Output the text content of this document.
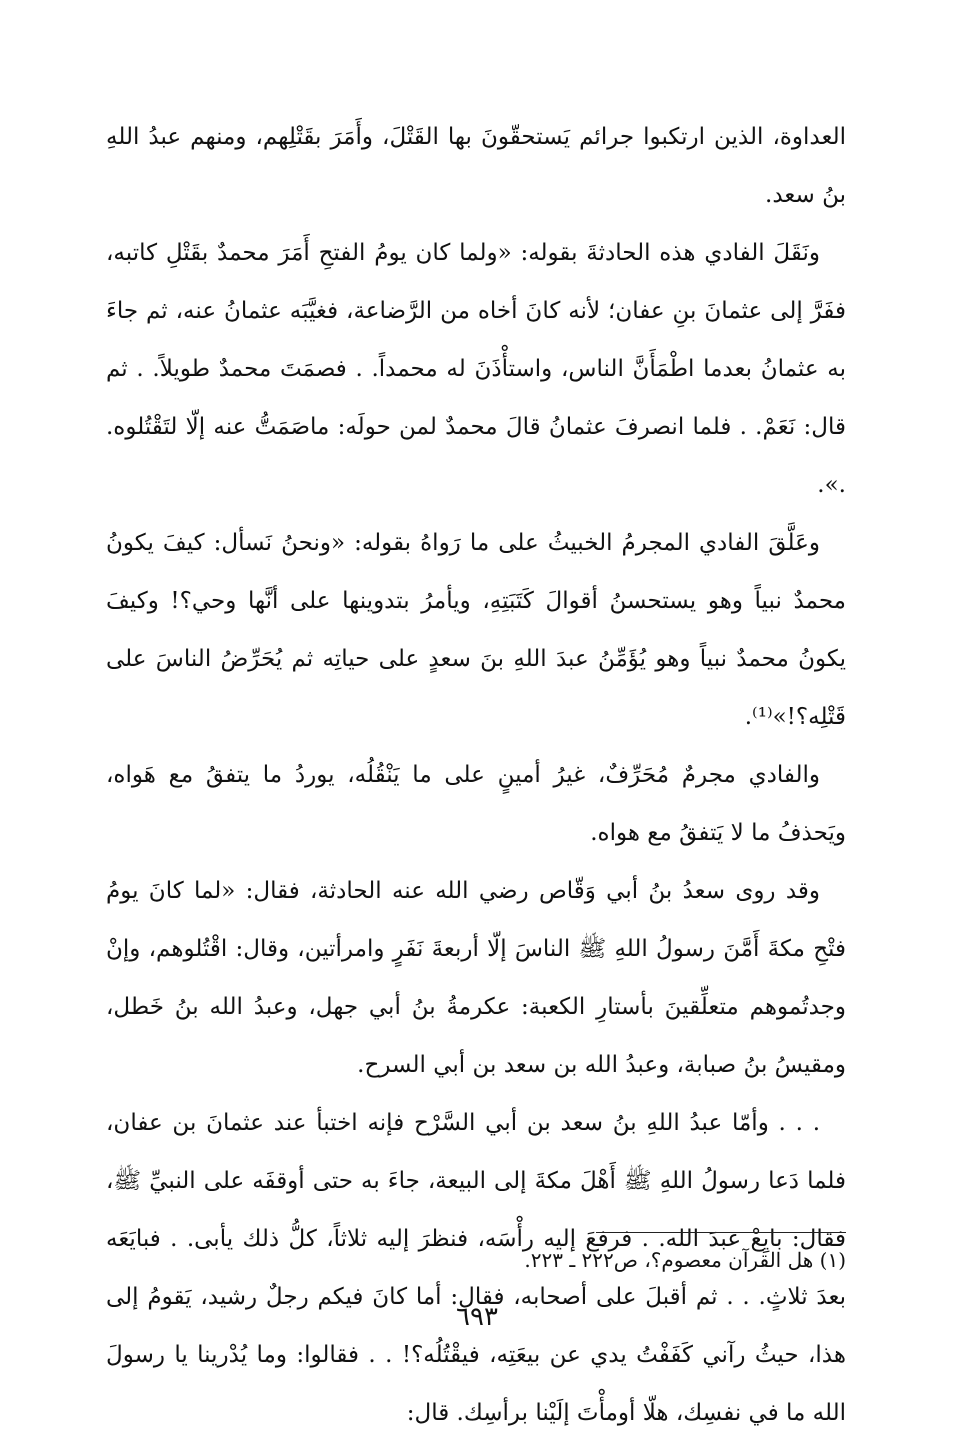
العداوة، الذين ارتكبوا جرائم يَستحقّونَ بها القَتْلَ، وأَمَرَ بقَتْلِهم، ومنهم عبدُ اللهِ بنُ سعد.

ونَقَلَ الفادي هذه الحادثةَ بقوله: «ولما كان يومُ الفتحِ أَمَرَ محمدٌ بقَتْلِ كاتبه، ففَرَّ إلى عثمانَ بنِ عفان؛ لأنه كانَ أخاه من الرَّضاعة، فغيَّبَه عثمانُ عنه، ثم جاءَ به عثمانُ بعدما اطْمَأَنَّ الناس، واستأْذَنَ له محمداً. . فصمَتَ محمدٌ طويلاً. . ثم قال: نَعَمْ. . فلما انصرفَ عثمانُ قالَ محمدٌ لمن حولَه: ماصَمَتُّ عنه إلّا لتَقْتُلوه. .».

وعَلَّقَ الفادي المجرمُ الخبيثُ على ما رَواهُ بقوله: «ونحنُ نَسأل: كيفَ يكونُ محمدٌ نبياً وهو يستحسنُ أقوالَ كَتَبَتِهِ، ويأمرُ بتدوينها على أنَّها وحي؟! وكيفَ يكونُ محمدٌ نبياً وهو يُؤَمِّنُ عبدَ اللهِ بنَ سعدٍ على حياتِه ثم يُحَرِّضُ الناسَ على قَتْلِه؟!»⁽¹⁾.

والفادي مجرمٌ مُحَرِّفٌ، غيرُ أمينٍ على ما يَنْقُلُه، يوردُ ما يتفقُ مع هَواه، ويَحذفُ ما لا يَتفقُ مع هواه.

وقد روى سعدُ بنُ أبي وَقّاص رضي الله عنه الحادثة، فقال: «لما كانَ يومُ فتْحِ مكةَ أَمَّنَ رسولُ اللهِ ﷺ الناسَ إلّا أربعةَ نَفَرٍ وامرأتين، وقال: اقْتُلوهم، وإنْ وجدتُموهم متعلِّقينَ بأستارِ الكعبة: عكرمةُ بنُ أبي جهل، وعبدُ الله بنُ خَطل، ومقيسُ بنُ صبابة، وعبدُ الله بن سعد بن أبي السرح.

. . . وأمّا عبدُ اللهِ بنُ سعد بن أبي السَّرْح فإنه اختبأ عند عثمانَ بن عفان، فلما دَعا رسولُ اللهِ ﷺ أَهْلَ مكةَ إلى البيعة، جاءَ به حتى أوقفَه على النبيِّ ﷺ، فقال: بايِعْ عبدَ الله. . فرفعَ إليه رأْسَه، فنظرَ إليه ثلاثاً، كلُّ ذلك يأبى. . فبايَعَه بعدَ ثلاثٍ. . . ثم أقبلَ على أصحابه، فقال: أما كانَ فيكم رجلٌ رشيد، يَقومُ إلى هذا، حيثُ رآني كَفَفْتُ يدي عن بيعَتِه، فيقْتُلُه؟! . . فقالوا: وما يُدْرينا يا رسولَ الله ما في نفسِك، هلّا أومأْتَ إلَيْنا برأسِك. قال:

(١) هل القرآن معصوم؟، ص٢٢٢ ـ ٢٢٣.
٦٩٣
